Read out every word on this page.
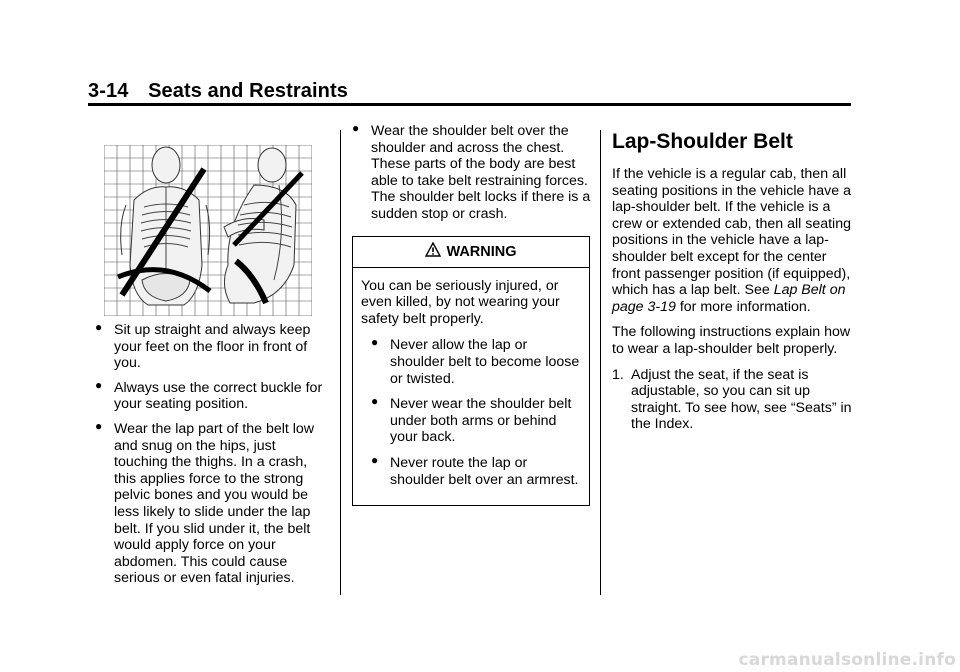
3-14 Seats and Restraints
● Sit up straight and always keep your feet on the floor in front of you.
● Always use the correct buckle for your seating position.
● Wear the lap part of the belt low and snug on the hips, just touching the thighs. In a crash, this applies force to the strong pelvic bones and you would be less likely to slide under the lap belt. If you slid under it, the belt would apply force on your abdomen. This could cause serious or even fatal injuries.
● Wear the shoulder belt over the shoulder and across the chest. These parts of the body are best able to take belt restraining forces. The shoulder belt locks if there is a sudden stop or crash.
WARNING

You can be seriously injured, or even killed, by not wearing your safety belt properly.

● Never allow the lap or shoulder belt to become loose or twisted.
● Never wear the shoulder belt under both arms or behind your back.
● Never route the lap or shoulder belt over an armrest.
Lap-Shoulder Belt

If the vehicle is a regular cab, then all seating positions in the vehicle have a lap-shoulder belt. If the vehicle is a crew or extended cab, then all seating positions in the vehicle have a lap-shoulder belt except for the center front passenger position (if equipped), which has a lap belt. See Lap Belt on page 3-19 for more information.

The following instructions explain how to wear a lap-shoulder belt properly.

1. Adjust the seat, if the seat is adjustable, so you can sit up straight. To see how, see “Seats” in the Index.
carmanualsonline.info
